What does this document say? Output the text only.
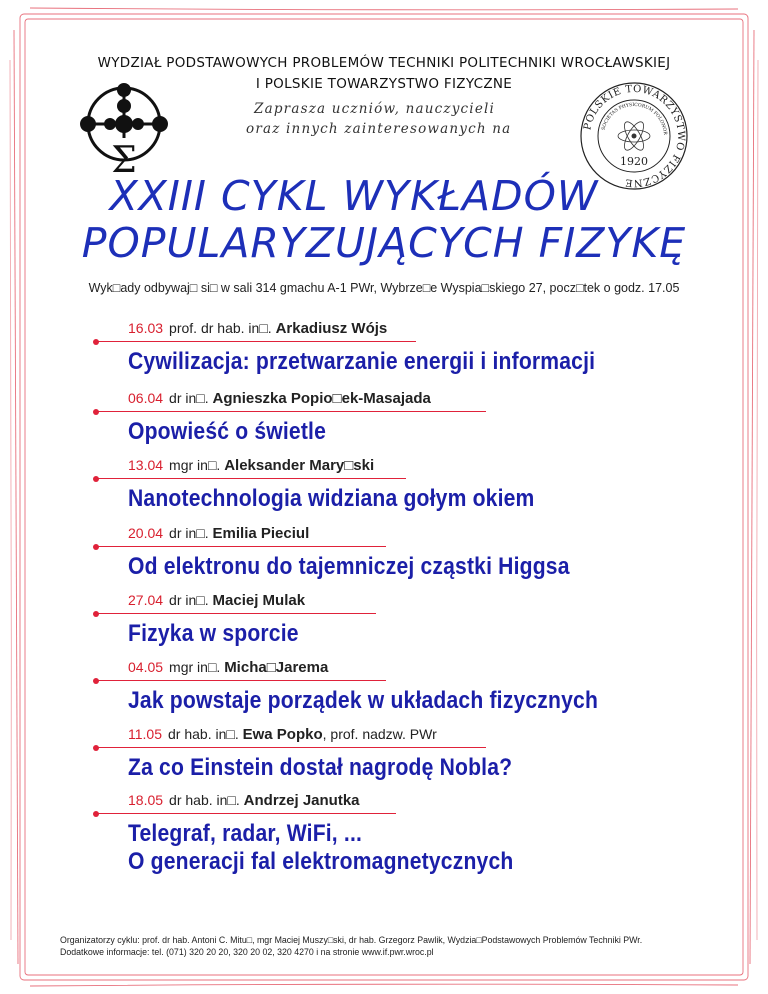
WYDZIAŁ PODSTAWOWYCH PROBLEMÓW TECHNIKI POLITECHNIKI WROCŁAWSKIEJ
I POLSKIE TOWARZYSTWO FIZYCZNE
Σ
Zaprasza uczniów, nauczycieli
oraz innych zainteresowanych na	POLSKIE TOWARZYSTWO FIZYCZNE
SOCIETAS PHYSICORUM POLONOR
1920
XXIII CYKL WYKŁADÓW
POPULARYZUJĄCYCH FIZYKĘ
Wyk□ady odbywaj□ si□ w sali 314 gmachu A-1 PWr, Wybrze□e Wyspia□skiego 27, pocz□tek o godz. 17.05
16.03 prof. dr hab. in□. Arkadiusz Wójs
Cywilizacja: przetwarzanie energii i informacji
06.04 dr in□. Agnieszka Popio□ek-Masajada
Opowieść o świetle
13.04 mgr in□. Aleksander Mary□ski
Nanotechnologia widziana gołym okiem
20.04 dr in□. Emilia Pieciul
Od elektronu do tajemniczej cząstki Higgsa
27.04 dr in□. Maciej Mulak
Fizyka w sporcie
04.05 mgr in□. Micha□Jarema
Jak powstaje porządek w układach fizycznych
11.05 dr hab. in□. Ewa Popko, prof. nadzw. PWr
Za co Einstein dostał nagrodę Nobla?
18.05 dr hab. in□. Andrzej Janutka
Telegraf, radar, WiFi, ...
O generacji fal elektromagnetycznych
Organizatorzy cyklu: prof. dr hab. Antoni C. Mitu□, mgr Maciej Muszy□ski, dr hab. Grzegorz Pawlik, Wydzia□Podstawowych Problemów Techniki PWr.
Dodatkowe informacje: tel. (071) 320 20 20, 320 20 02, 320 4270 i na stronie www.if.pwr.wroc.pl
